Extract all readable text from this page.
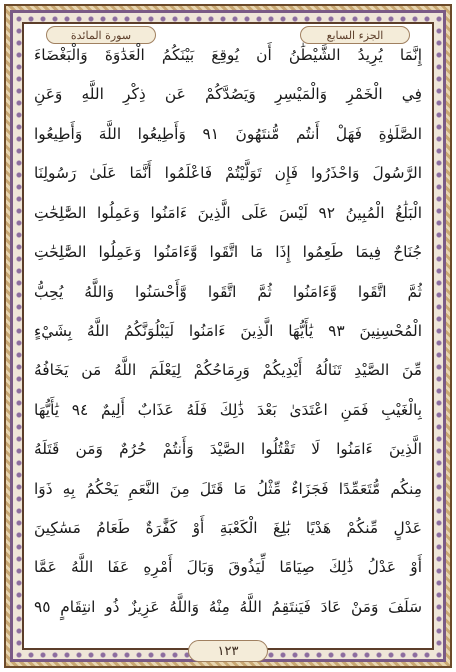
سورة المائدة	الجزء السابع
إِنَّمَا يُرِيدُ الشَّيْطَٰنُ أَن يُوقِعَ بَيْنَكُمُ الْعَدَٰوَةَ وَالْبَغْضَاءَ
فِي الْخَمْرِ وَالْمَيْسِرِ وَيَصُدَّكُمْ عَن ذِكْرِ اللَّهِ وَعَنِ
الصَّلَوٰةِ فَهَلْ أَنتُم مُّنتَهُونَ ٩١ وَأَطِيعُوا اللَّهَ وَأَطِيعُوا
الرَّسُولَ وَاحْذَرُوا فَإِن تَوَلَّيْتُمْ فَاعْلَمُوا أَنَّمَا عَلَىٰ رَسُولِنَا
الْبَلَٰغُ الْمُبِينُ ٩٢ لَيْسَ عَلَى الَّذِينَ ءَامَنُوا وَعَمِلُوا الصَّٰلِحَٰتِ
جُنَاحٌ فِيمَا طَعِمُوا إِذَا مَا اتَّقَوا وَّءَامَنُوا وَعَمِلُوا الصَّٰلِحَٰتِ
ثُمَّ اتَّقَوا وَّءَامَنُوا ثُمَّ اتَّقَوا وَّأَحْسَنُوا وَاللَّهُ يُحِبُّ
الْمُحْسِنِينَ ٩٣ يَٰأَيُّهَا الَّذِينَ ءَامَنُوا لَيَبْلُوَنَّكُمُ اللَّهُ بِشَيْءٍ
مِّنَ الصَّيْدِ تَنَالُهُ أَيْدِيكُمْ وَرِمَاحُكُمْ لِيَعْلَمَ اللَّهُ مَن يَخَافُهُ
بِالْغَيْبِ فَمَنِ اعْتَدَىٰ بَعْدَ ذَٰلِكَ فَلَهُ عَذَابٌ أَلِيمٌ ٩٤ يَٰأَيُّهَا
الَّذِينَ ءَامَنُوا لَا تَقْتُلُوا الصَّيْدَ وَأَنتُمْ حُرُمٌ وَمَن قَتَلَهُ
مِنكُم مُّتَعَمِّدًا فَجَزَاءٌ مِّثْلُ مَا قَتَلَ مِنَ النَّعَمِ يَحْكُمُ بِهِ ذَوَا
عَدْلٍ مِّنكُمْ هَدْيًا بَٰلِغَ الْكَعْبَةِ أَوْ كَفَّٰرَةٌ طَعَامُ مَسَٰكِينَ
أَوْ عَدْلُ ذَٰلِكَ صِيَامًا لِّيَذُوقَ وَبَالَ أَمْرِهِ عَفَا اللَّهُ عَمَّا
سَلَفَ وَمَنْ عَادَ فَيَنتَقِمُ اللَّهُ مِنْهُ وَاللَّهُ عَزِيزٌ ذُو انتِقَامٍ ٩٥
١٢٣
